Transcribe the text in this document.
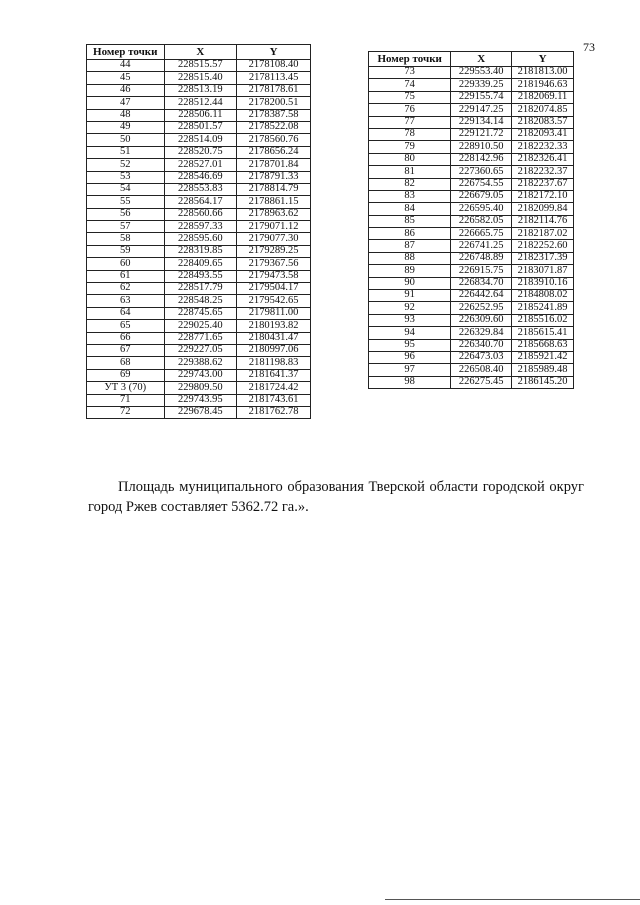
73
Номер точки	X	Y
44	228515.57	2178108.40
45	228515.40	2178113.45
46	228513.19	2178178.61
47	228512.44	2178200.51
48	228506.11	2178387.58
49	228501.57	2178522.08
50	228514.09	2178560.76
51	228520.75	2178656.24
52	228527.01	2178701.84
53	228546.69	2178791.33
54	228553.83	2178814.79
55	228564.17	2178861.15
56	228560.66	2178963.62
57	228597.33	2179071.12
58	228595.60	2179077.30
59	228319.85	2179289.25
60	228409.65	2179367.56
61	228493.55	2179473.58
62	228517.79	2179504.17
63	228548.25	2179542.65
64	228745.65	2179811.00
65	229025.40	2180193.82
66	228771.65	2180431.47
67	229227.05	2180997.06
68	229388.62	2181198.83
69	229743.00	2181641.37
УТ 3 (70)	229809.50	2181724.42
71	229743.95	2181743.61
72	229678.45	2181762.78
Номер точки	X	Y
73	229553.40	2181813.00
74	229339.25	2181946.63
75	229155.74	2182069.11
76	229147.25	2182074.85
77	229134.14	2182083.57
78	229121.72	2182093.41
79	228910.50	2182232.33
80	228142.96	2182326.41
81	227360.65	2182232.37
82	226754.55	2182237.67
83	226679.05	2182172.10
84	226595.40	2182099.84
85	226582.05	2182114.76
86	226665.75	2182187.02
87	226741.25	2182252.60
88	226748.89	2182317.39
89	226915.75	2183071.87
90	226834.70	2183910.16
91	226442.64	2184808.02
92	226252.95	2185241.89
93	226309.60	2185516.02
94	226329.84	2185615.41
95	226340.70	2185668.63
96	226473.03	2185921.42
97	226508.40	2185989.48
98	226275.45	2186145.20

Площадь муниципального образования Тверской области городской округ город Ржев составляет 5362.72 га.».
